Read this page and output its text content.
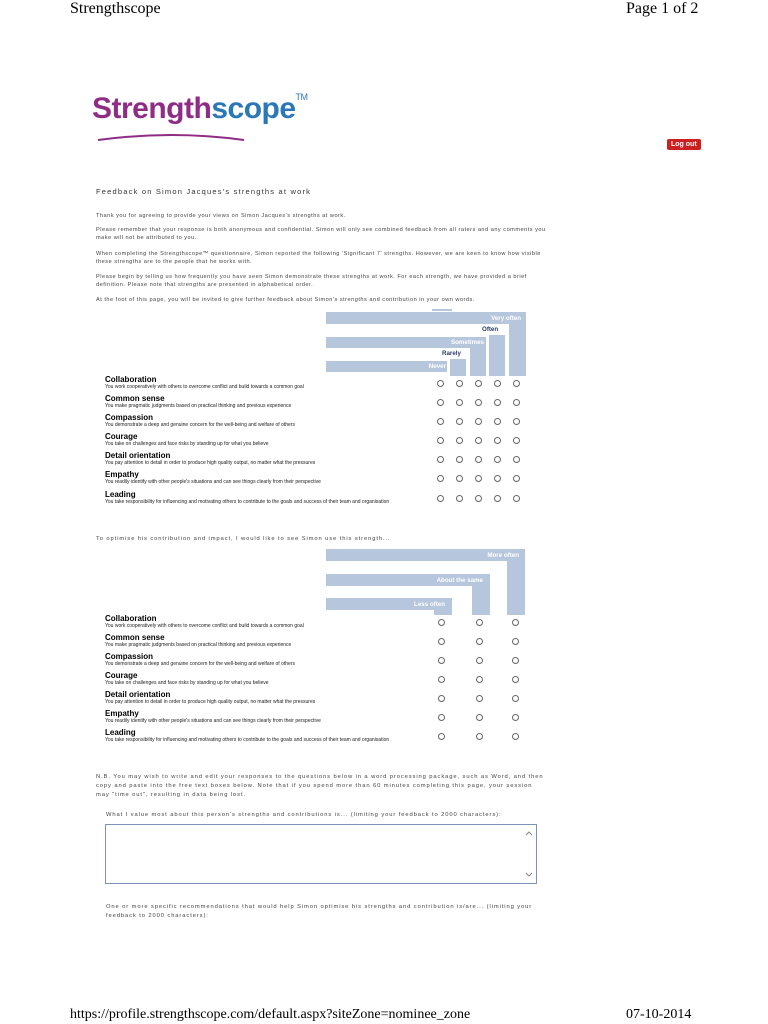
Strengthscope	Page 1 of 2
Strengthscope™
Log out
Feedback on Simon Jacques's strengths at work
Thank you for agreeing to provide your views on Simon Jacques's strengths at work.
Please remember that your response is both anonymous and confidential. Simon will only see combined feedback from all raters and any comments you make will not be attributed to you.
When completing the Strengthscope™ questionnaire, Simon reported the following 'Significant 7' strengths. However, we are keen to know how visible these strengths are to the people that he works with.
Please begin by telling us how frequently you have seen Simon demonstrate these strengths at work. For each strength, we have provided a brief definition. Please note that strengths are presented in alphabetical order.
At the foot of this page, you will be invited to give further feedback about Simon's strengths and contribution in your own words.
Very often
Often
Sometimes
Rarely
Never
Collaboration
You work cooperatively with others to overcome conflict and build towards a common goal
Common sense
You make pragmatic judgments based on practical thinking and previous experience
Compassion
You demonstrate a deep and genuine concern for the well-being and welfare of others
Courage
You take on challenges and face risks by standing up for what you believe
Detail orientation
You pay attention to detail in order to produce high quality output, no matter what the pressures
Empathy
You readily identify with other people's situations and can see things clearly from their perspective
Leading
You take responsibility for influencing and motivating others to contribute to the goals and success of their team and organisation
To optimise his contribution and impact, I would like to see Simon use this strength...
More often
About the same
Less often
Collaboration
You work cooperatively with others to overcome conflict and build towards a common goal
Common sense
You make pragmatic judgments based on practical thinking and previous experience
Compassion
You demonstrate a deep and genuine concern for the well-being and welfare of others
Courage
You take on challenges and face risks by standing up for what you believe
Detail orientation
You pay attention to detail in order to produce high quality output, no matter what the pressures
Empathy
You readily identify with other people's situations and can see things clearly from their perspective
Leading
You take responsibility for influencing and motivating others to contribute to the goals and success of their team and organisation
N.B. You may wish to write and edit your responses to the questions below in a word processing package, such as Word, and then copy and paste into the free text boxes below. Note that if you spend more than 60 minutes completing this page, your session may "time out", resulting in data being lost.
What I value most about this person's strengths and contributions is... (limiting your feedback to 2000 characters):
One or more specific recommendations that would help Simon optimise his strengths and contribution is/are... (limiting your feedback to 2000 characters):
https://profile.strengthscope.com/default.aspx?siteZone=nominee_zone	07-10-2014
